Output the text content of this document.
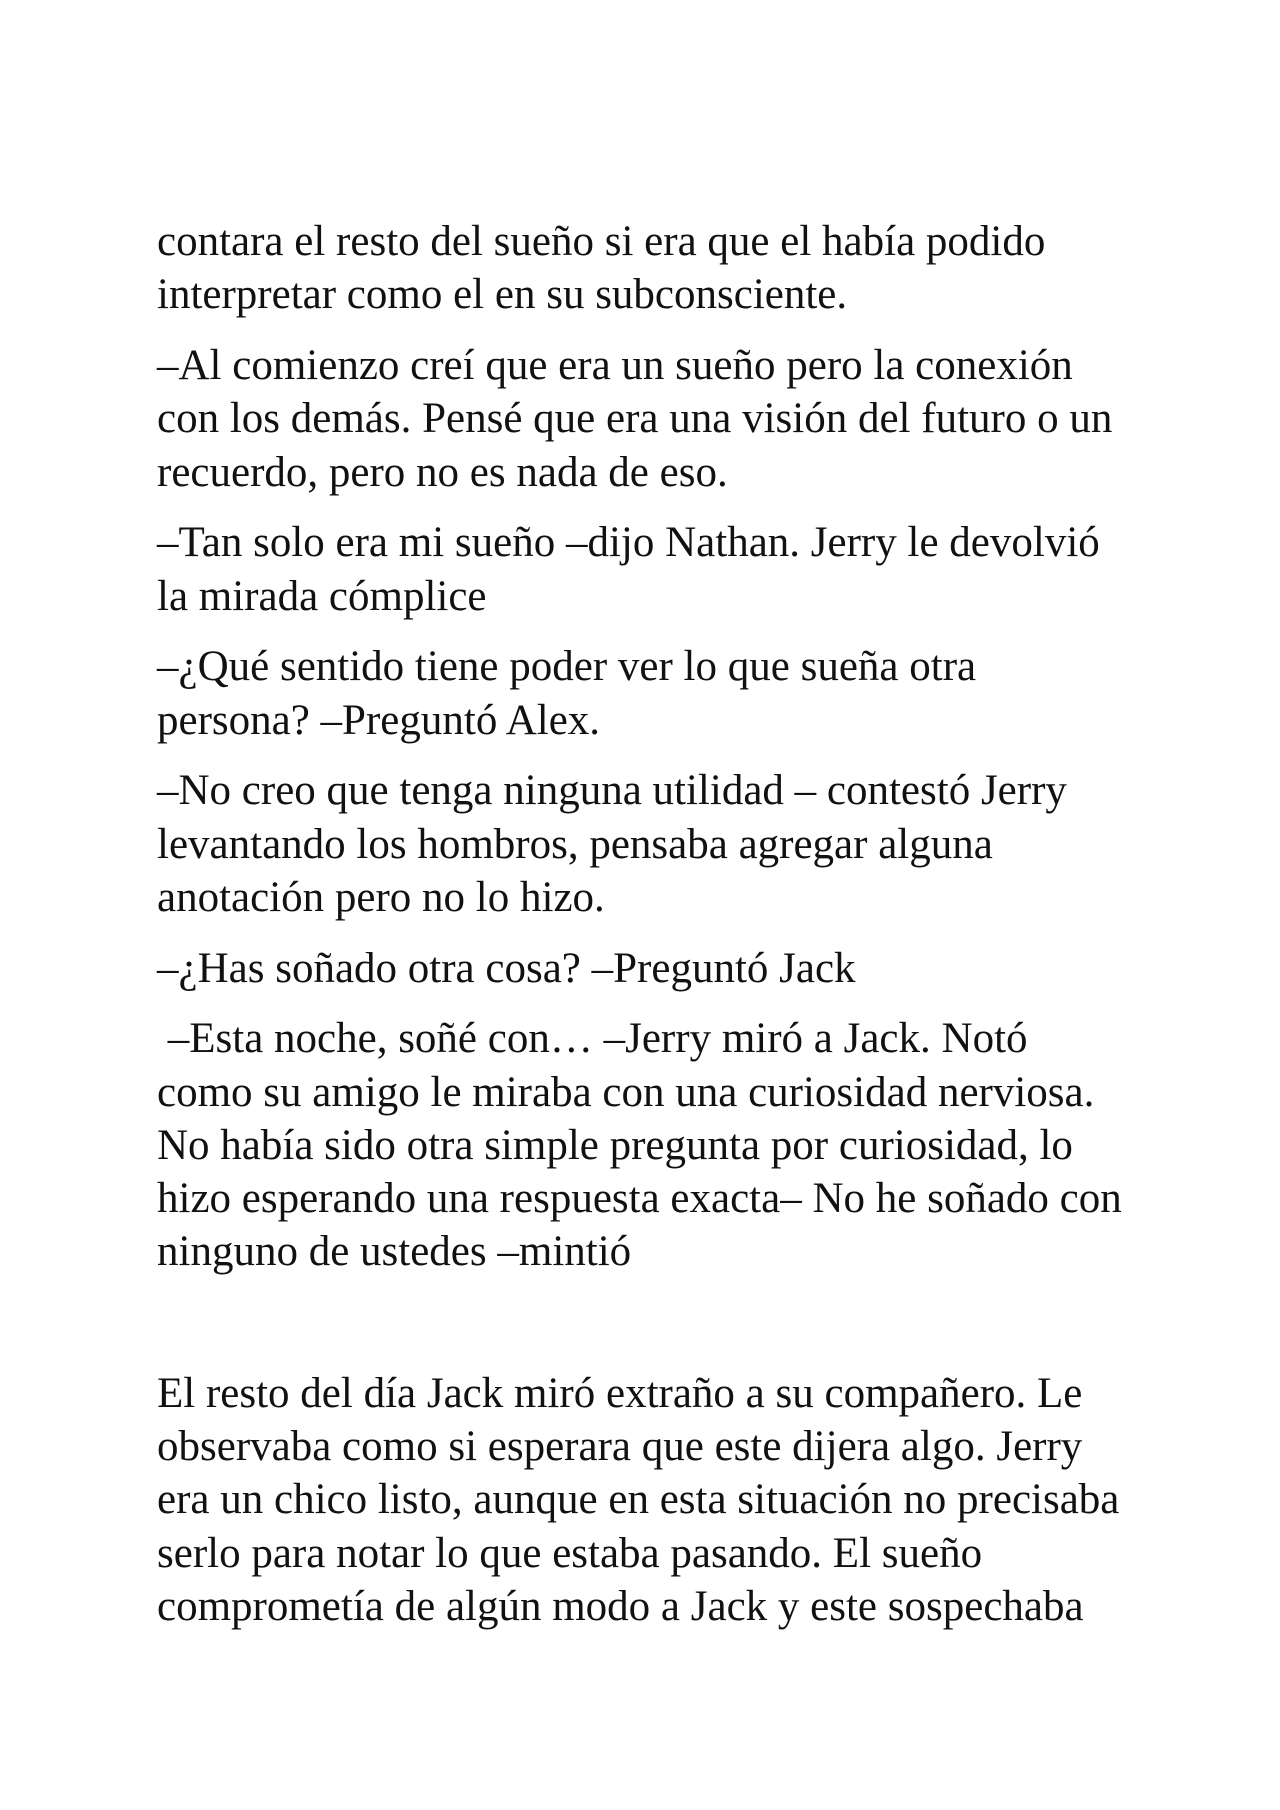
contara el resto del sueño si era que el había podido
interpretar como el en su subconsciente.
–Al comienzo creí que era un sueño pero la conexión
con los demás. Pensé que era una visión del futuro o un
recuerdo, pero no es nada de eso.
–Tan solo era mi sueño –dijo Nathan. Jerry le devolvió
la mirada cómplice
–¿Qué sentido tiene poder ver lo que sueña otra
persona? –Preguntó Alex.
–No creo que tenga ninguna utilidad – contestó Jerry
levantando los hombros, pensaba agregar alguna
anotación pero no lo hizo.
–¿Has soñado otra cosa? –Preguntó Jack
–Esta noche, soñé con… –Jerry miró a Jack. Notó
como su amigo le miraba con una curiosidad nerviosa.
No había sido otra simple pregunta por curiosidad, lo
hizo esperando una respuesta exacta– No he soñado con
ninguno de ustedes –mintió
El resto del día Jack miró extraño a su compañero. Le
observaba como si esperara que este dijera algo. Jerry
era un chico listo, aunque en esta situación no precisaba
serlo para notar lo que estaba pasando. El sueño
comprometía de algún modo a Jack y este sospechaba
